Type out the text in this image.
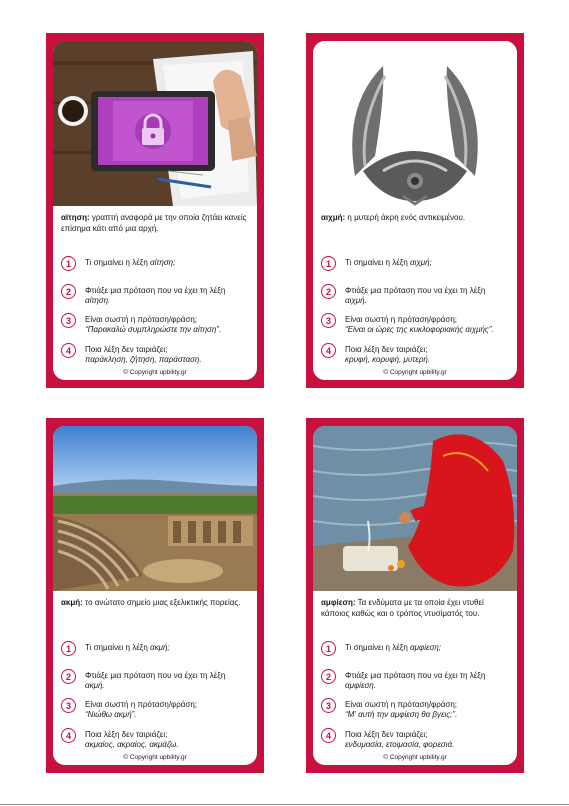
αίτηση: γραπτή αναφορά με την οποία ζητάει κανείς επίσημα κάτι από μια αρχή.
1	Τι σημαίνει η λέξη αίτηση;
2	Φτιάξε μια πρόταση που να έχει τη λέξη
αίτηση.
3	Είναι σωστή η πρόταση/φράση;
“Παρακαλώ συμπληρώστε την αίτηση”.
4	Ποια λέξη δεν ταιριάζει;
παράκληση, ζήτηση, παράσταση.
© Copyright upbility.gr
αιχμή: η μυτερή άκρη ενός αντικειμένου.
1	Τι σημαίνει η λέξη αιχμή;
2	Φτιάξε μια πρόταση που να έχει τη λέξη
αιχμή.
3	Είναι σωστή η πρόταση/φράση;
“Είναι οι ώρες της κυκλοφοριακής αιχμής”.
4	Ποια λέξη δεν ταιριάζει;
κρυφή, κορυφή, μυτερή.
© Copyright upbility.gr
ακμή: το ανώτατο σημείο μιας εξελικτικής πορείας.
1	Τι σημαίνει η λέξη ακμή;
2	Φτιάξε μια πρόταση που να έχει τη λέξη
ακμή.
3	Είναι σωστή η πρόταση/φράση;
“Νιώθω ακμή”.
4	Ποια λέξη δεν ταιριάζει;
ακμαίος, ακραίος, ακμάζω.
© Copyright upbility.gr
αμφίεση: Τα ενδύματα με τα οποία έχει ντυθεί κάποιος καθώς και ο τρόπος ντυσίματός του.
1	Τι σημαίνει η λέξη αμφίεση;
2	Φτιάξε μια πρόταση που να έχει τη λέξη
αμφίεση.
3	Είναι σωστή η πρόταση/φράση;
“Μ' αυτή την αμφίεση θα βγεις;”.
4	Ποια λέξη δεν ταιριάζει;
ενδυμασία, ετοιμασία, φορεσιά.
© Copyright upbility.gr
